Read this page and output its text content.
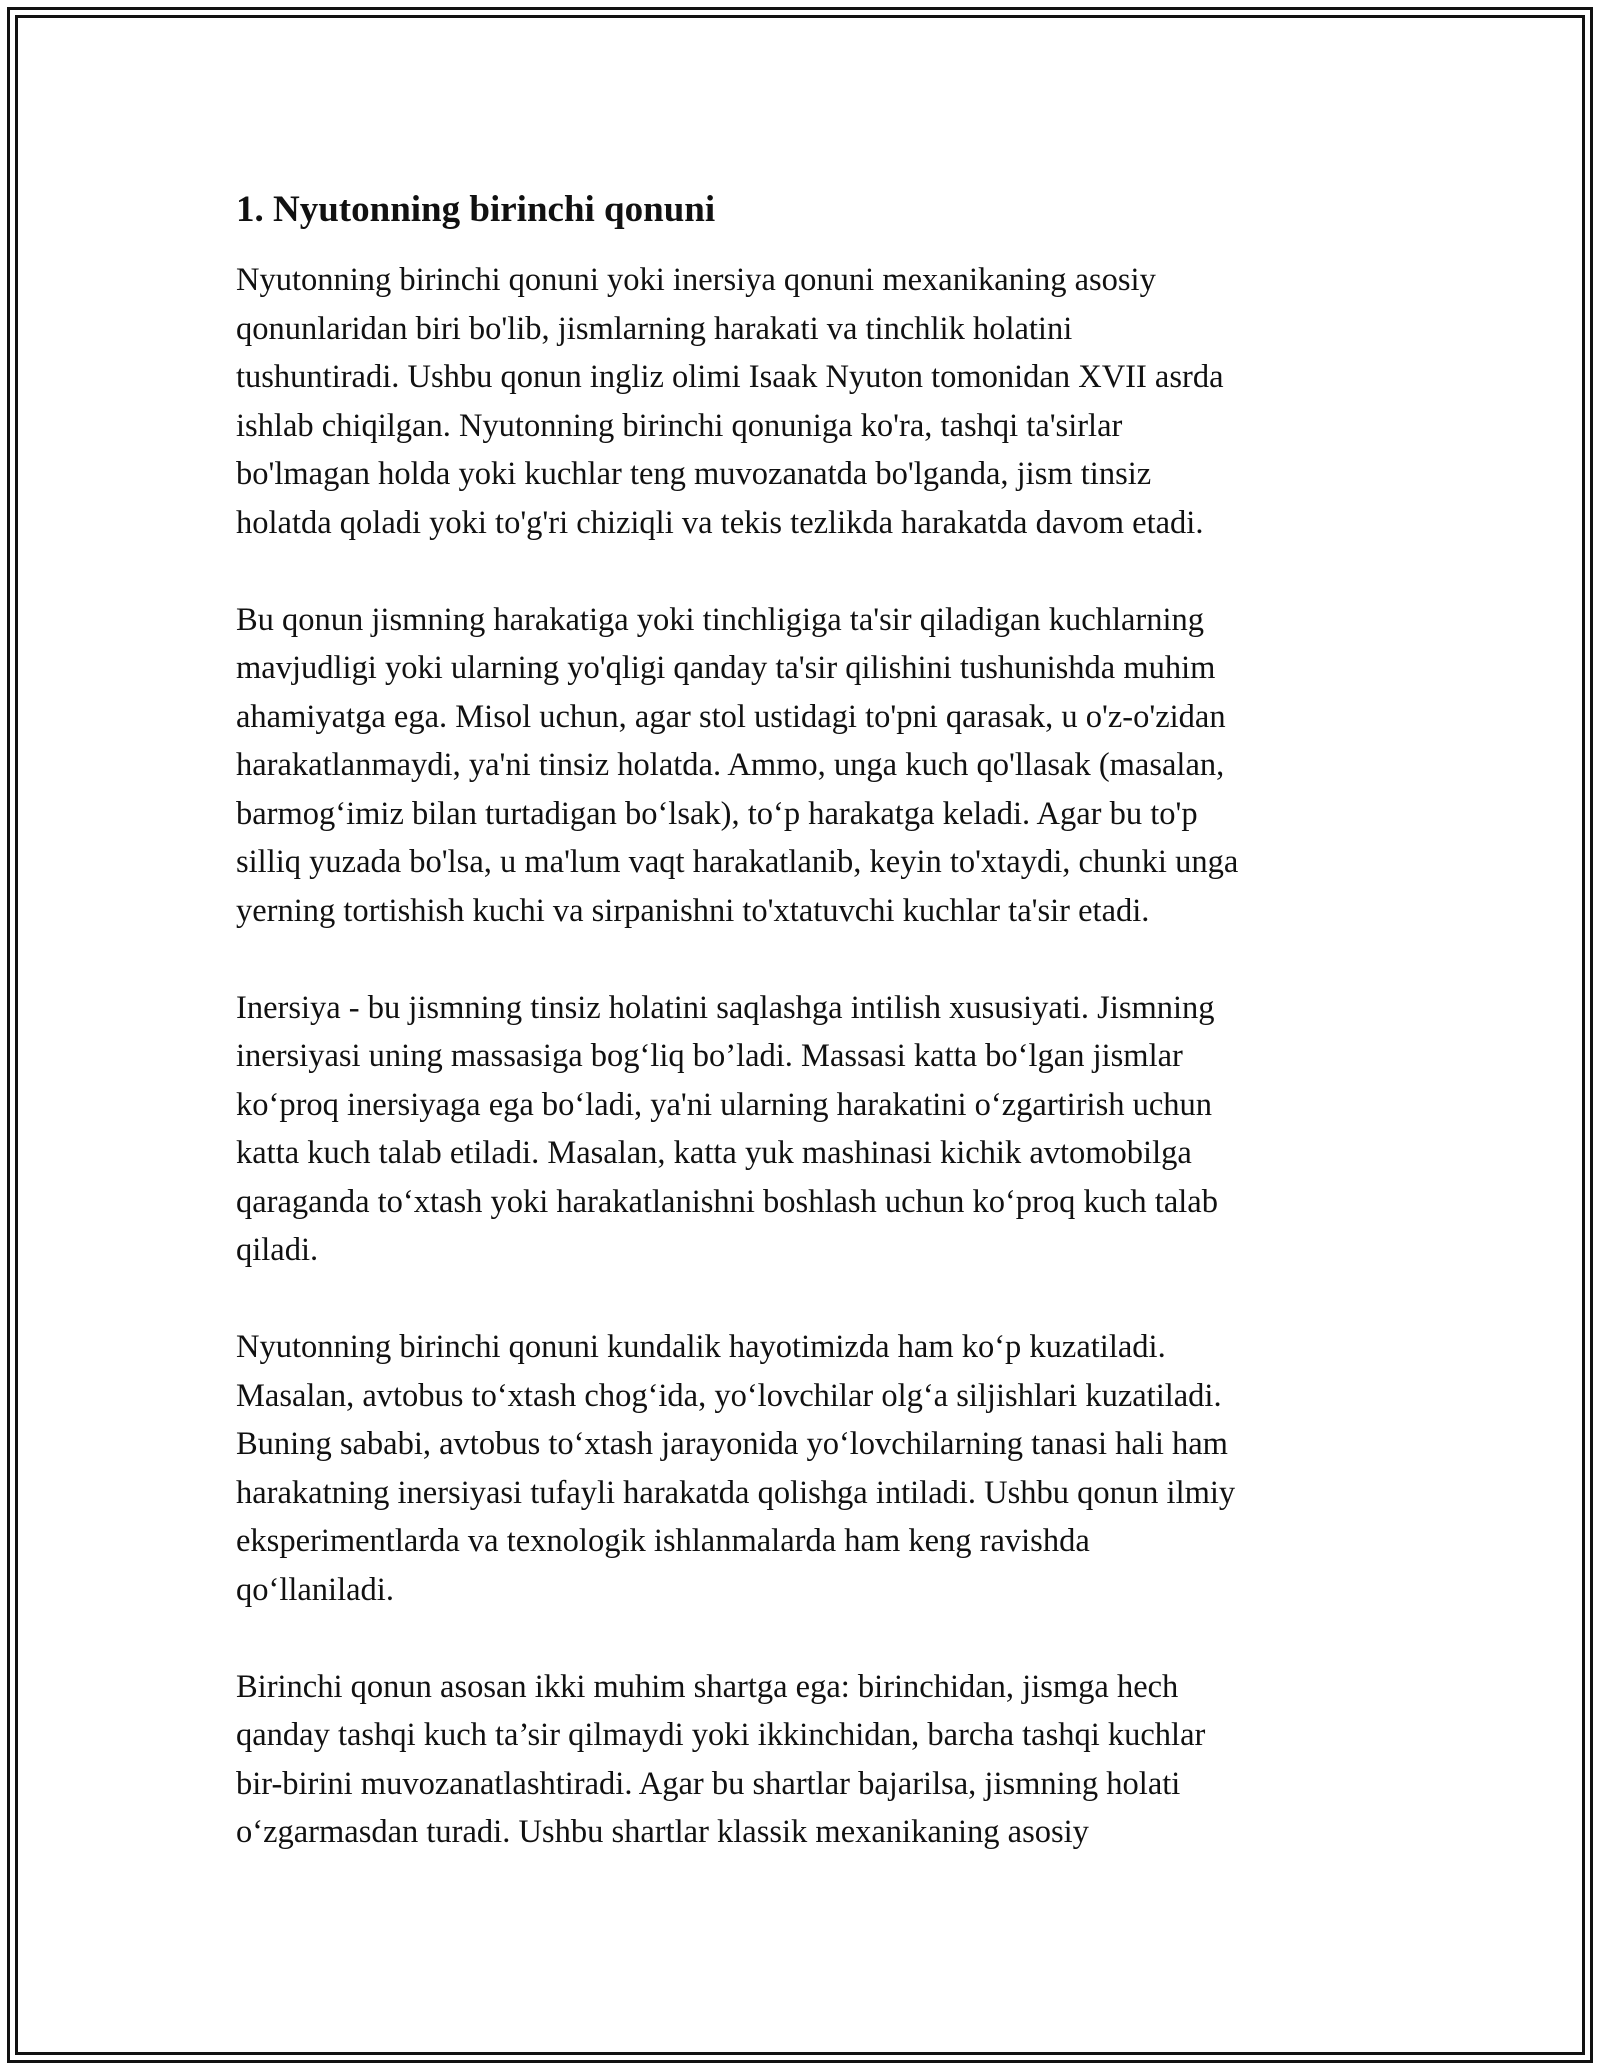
1. Nyutonning birinchi qonuni

Nyutonning birinchi qonuni yoki inersiya qonuni mexanikaning asosiy
qonunlaridan biri bo'lib, jismlarning harakati va tinchlik holatini
tushuntiradi. Ushbu qonun ingliz olimi Isaak Nyuton tomonidan XVII asrda
ishlab chiqilgan. Nyutonning birinchi qonuniga ko'ra, tashqi ta'sirlar
bo'lmagan holda yoki kuchlar teng muvozanatda bo'lganda, jism tinsiz
holatda qoladi yoki to'g'ri chiziqli va tekis tezlikda harakatda davom etadi.

Bu qonun jismning harakatiga yoki tinchligiga ta'sir qiladigan kuchlarning
mavjudligi yoki ularning yo'qligi qanday ta'sir qilishini tushunishda muhim
ahamiyatga ega. Misol uchun, agar stol ustidagi to'pni qarasak, u o'z-o'zidan
harakatlanmaydi, ya'ni tinsiz holatda. Ammo, unga kuch qo'llasak (masalan,
barmog‘imiz bilan turtadigan bo‘lsak), to‘p harakatga keladi. Agar bu to'p
silliq yuzada bo'lsa, u ma'lum vaqt harakatlanib, keyin to'xtaydi, chunki unga
yerning tortishish kuchi va sirpanishni to'xtatuvchi kuchlar ta'sir etadi.

Inersiya - bu jismning tinsiz holatini saqlashga intilish xususiyati. Jismning
inersiyasi uning massasiga bog‘liq bo’ladi. Massasi katta bo‘lgan jismlar
ko‘proq inersiyaga ega bo‘ladi, ya'ni ularning harakatini o‘zgartirish uchun
katta kuch talab etiladi. Masalan, katta yuk mashinasi kichik avtomobilga
qaraganda to‘xtash yoki harakatlanishni boshlash uchun ko‘proq kuch talab
qiladi.

Nyutonning birinchi qonuni kundalik hayotimizda ham ko‘p kuzatiladi.
Masalan, avtobus to‘xtash chog‘ida, yo‘lovchilar olg‘a siljishlari kuzatiladi.
Buning sababi, avtobus to‘xtash jarayonida yo‘lovchilarning tanasi hali ham
harakatning inersiyasi tufayli harakatda qolishga intiladi. Ushbu qonun ilmiy
eksperimentlarda va texnologik ishlanmalarda ham keng ravishda
qo‘llaniladi.

Birinchi qonun asosan ikki muhim shartga ega: birinchidan, jismga hech
qanday tashqi kuch ta’sir qilmaydi yoki ikkinchidan, barcha tashqi kuchlar
bir-birini muvozanatlashtiradi. Agar bu shartlar bajarilsa, jismning holati
o‘zgarmasdan turadi. Ushbu shartlar klassik mexanikaning asosiy
